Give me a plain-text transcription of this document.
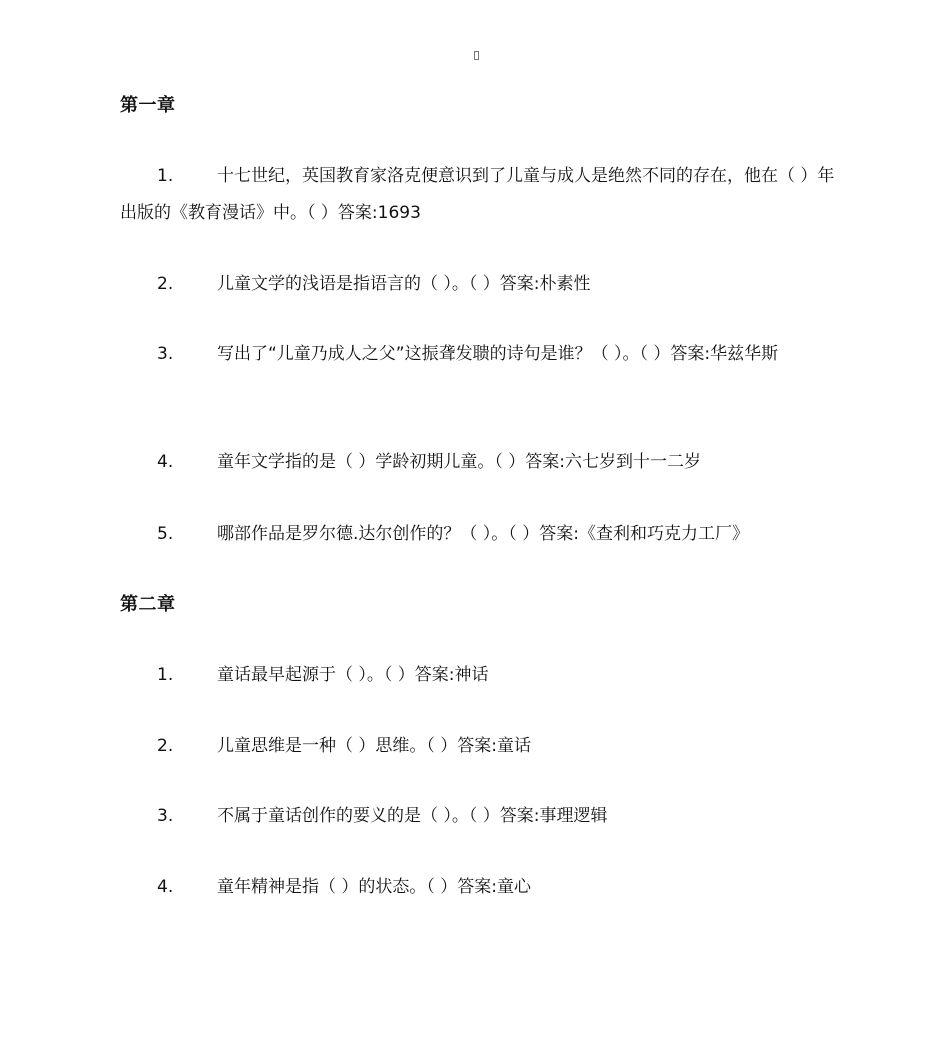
第一章

1.	十七世纪，英国教育家洛克便意识到了儿童与成人是绝然不同的存在，他在（ ）年出版的《教育漫话》中。（ ）答案:1693

2.	儿童文学的浅语是指语言的（ ）。（ ）答案:朴素性

3.	写出了“儿童乃成人之父”这振聋发聩的诗句是谁？（ ）。（ ）答案:华兹华斯

4.	童年文学指的是（ ）学龄初期儿童。（ ）答案:六七岁到十一二岁

5.	哪部作品是罗尔德.达尔创作的？（ ）。（ ）答案:《查利和巧克力工厂》

第二章

1.	童话最早起源于（ ）。（ ）答案:神话

2.	儿童思维是一种（ ）思维。（ ）答案:童话

3.	不属于童话创作的要义的是（ ）。（ ）答案:事理逻辑

4.	童年精神是指（ ）的状态。（ ）答案:童心
